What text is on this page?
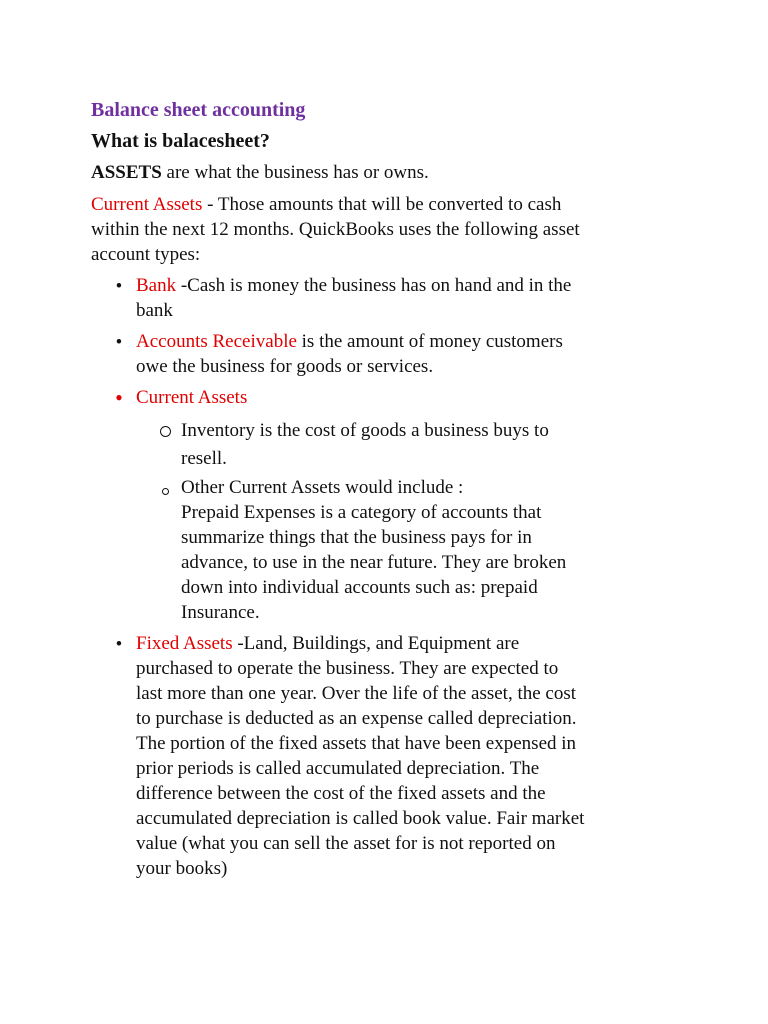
Balance sheet accounting
What is balacesheet?

ASSETS are what the business has or owns.

Current Assets - Those amounts that will be converted to cash
within the next 12 months. QuickBooks uses the following asset
account types:
• Bank -Cash is money the business has on hand and in the
bank
• Accounts Receivable is the amount of money customers
owe the business for goods or services.
• Current Assets
Inventory is the cost of goods a business buys to
resell.
Other Current Assets would include :
Prepaid Expenses is a category of accounts that
summarize things that the business pays for in
advance, to use in the near future. They are broken
down into individual accounts such as: prepaid
Insurance.
• Fixed Assets -Land, Buildings, and Equipment are
purchased to operate the business. They are expected to
last more than one year. Over the life of the asset, the cost
to purchase is deducted as an expense called depreciation.
The portion of the fixed assets that have been expensed in
prior periods is called accumulated depreciation. The
difference between the cost of the fixed assets and the
accumulated depreciation is called book value. Fair market
value (what you can sell the asset for is not reported on
your books)
